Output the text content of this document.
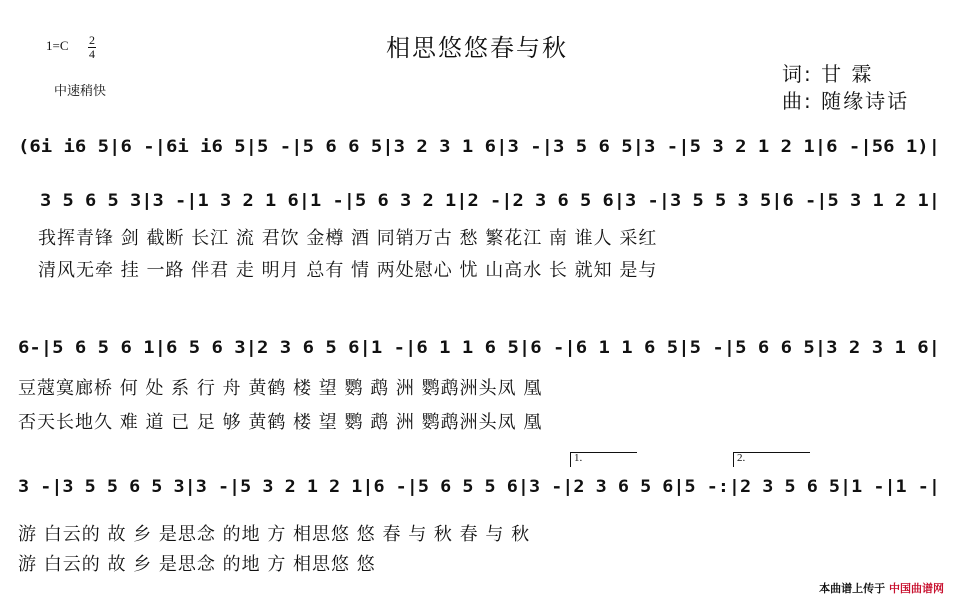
相思悠悠春与秋
$1=C \frac{2}{4}$
中速稍快
词: 甘 霖
曲: 随缘诗话
(6i i6 5|6 -|6i i6 5|5 -|5 6 6 5|3 2 3 1 6|3 -|3 5 6 5|3 -|5 3 2 1 2 1|6 -|56 1)|
3 5 6 5 3|3 -|1 3 2 1 6|1 -|5 6 3 2 1|2 -|2 3 6 5 6|3 -|3 5 5 3 5|6 -|5 3 1 2 1|
我挥青锋 剑 截断 长江 流 君饮 金樽 酒 同销万古 愁 繁花江 南 谁人 采红
清风无牵 挂 一路 伴君 走 明月 总有 情 两处慰心 忧 山高水 长 就知 是与
6-|5 6 5 6 1|6 5 6 3|2 3 6 5 6|1 -|6 1 1 6 5|6 -|6 1 1 6 5|5 -|5 6 6 5|3 2 3 1 6|
豆蔻寞廊桥 何 处 系 行 舟 黄鹤 楼 望 鹦 鹉 洲 鹦鹉洲头凤 凰
否天长地久 难 道 已 足 够 黄鹤 楼 望 鹦 鹉 洲 鹦鹉洲头凤 凰
1.	2.
3 -|3 5 5 6 5 3|3 -|5 3 2 1 2 1|6 -|5 6 5 5 6|3 -|2 3 6 5 6|5 -:|2 3 5 6 5|1 -|1 -|
游 白云的 故 乡 是思念 的地 方 相思悠 悠 春 与 秋 春 与 秋
游 白云的 故 乡 是思念 的地 方 相思悠 悠
本曲谱上传于 中国曲谱网
